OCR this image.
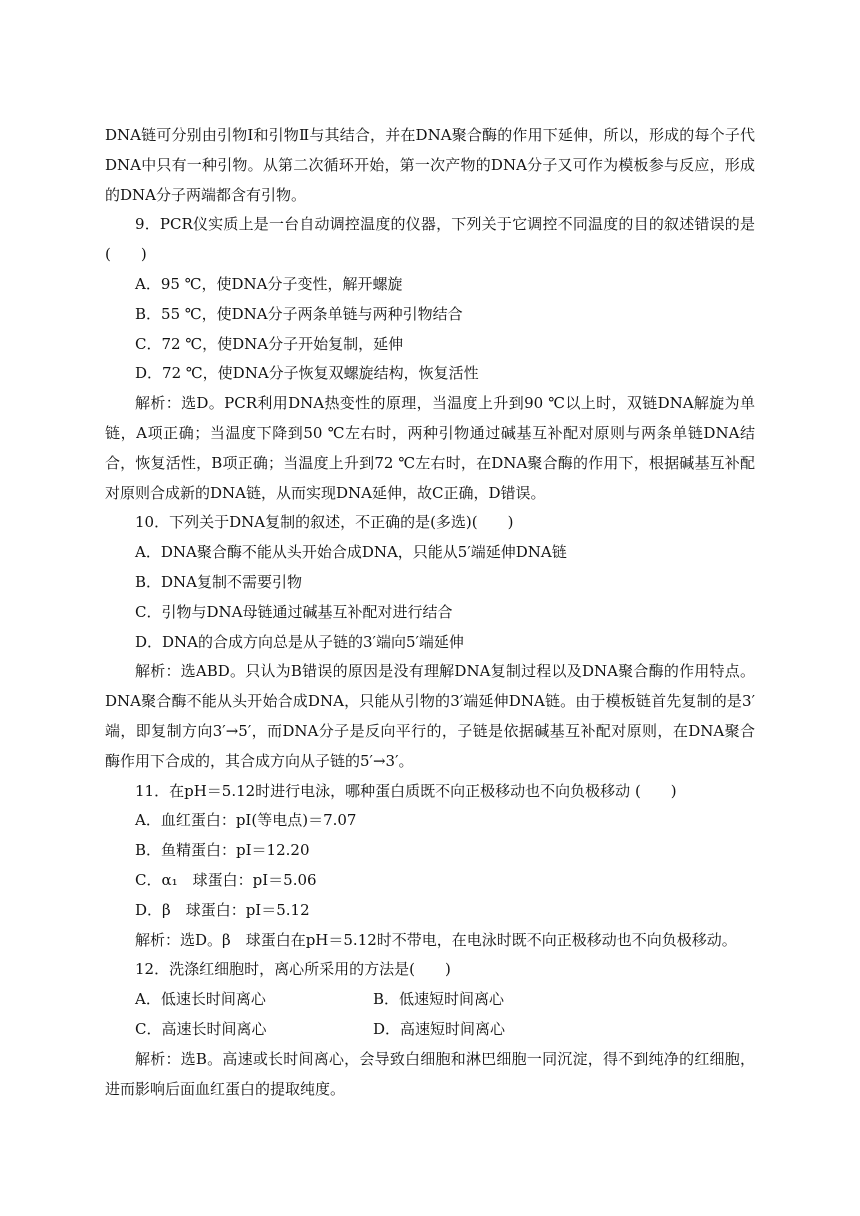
DNA链可分别由引物Ⅰ和引物Ⅱ与其结合，并在DNA聚合酶的作用下延伸，所以，形成的每个子代DNA中只有一种引物。从第二次循环开始，第一次产物的DNA分子又可作为模板参与反应，形成的DNA分子两端都含有引物。

9．PCR仪实质上是一台自动调控温度的仪器，下列关于它调控不同温度的目的叙述错误的是(　　)

A．95 ℃，使DNA分子变性，解开螺旋
B．55 ℃，使DNA分子两条单链与两种引物结合
C．72 ℃，使DNA分子开始复制，延伸
D．72 ℃，使DNA分子恢复双螺旋结构，恢复活性

解析：选D。PCR利用DNA热变性的原理，当温度上升到90 ℃以上时，双链DNA解旋为单链，A项正确；当温度下降到50 ℃左右时，两种引物通过碱基互补配对原则与两条单链DNA结合，恢复活性，B项正确；当温度上升到72 ℃左右时，在DNA聚合酶的作用下，根据碱基互补配对原则合成新的DNA链，从而实现DNA延伸，故C正确，D错误。

10．下列关于DNA复制的叙述，不正确的是(多选)(　　)

A．DNA聚合酶不能从头开始合成DNA，只能从5′端延伸DNA链
B．DNA复制不需要引物
C．引物与DNA母链通过碱基互补配对进行结合
D．DNA的合成方向总是从子链的3′端向5′端延伸

解析：选ABD。只认为B错误的原因是没有理解DNA复制过程以及DNA聚合酶的作用特点。DNA聚合酶不能从头开始合成DNA，只能从引物的3′端延伸DNA链。由于模板链首先复制的是3′端，即复制方向3′→5′，而DNA分子是反向平行的，子链是依据碱基互补配对原则，在DNA聚合酶作用下合成的，其合成方向从子链的5′→3′。

11．在pH＝5.12时进行电泳，哪种蛋白质既不向正极移动也不向负极移动 (　　)

A．血红蛋白：pI(等电点)＝7.07
B．鱼精蛋白：pI＝12.20
C．α₁　球蛋白：pI＝5.06
D．β　球蛋白：pI＝5.12

解析：选D。β　球蛋白在pH＝5.12时不带电，在电泳时既不向正极移动也不向负极移动。

12．洗涤红细胞时，离心所采用的方法是(　　)

A．低速长时间离心	B．低速短时间离心
C．高速长时间离心	D．高速短时间离心

解析：选B。高速或长时间离心，会导致白细胞和淋巴细胞一同沉淀，得不到纯净的红细胞，进而影响后面血红蛋白的提取纯度。
